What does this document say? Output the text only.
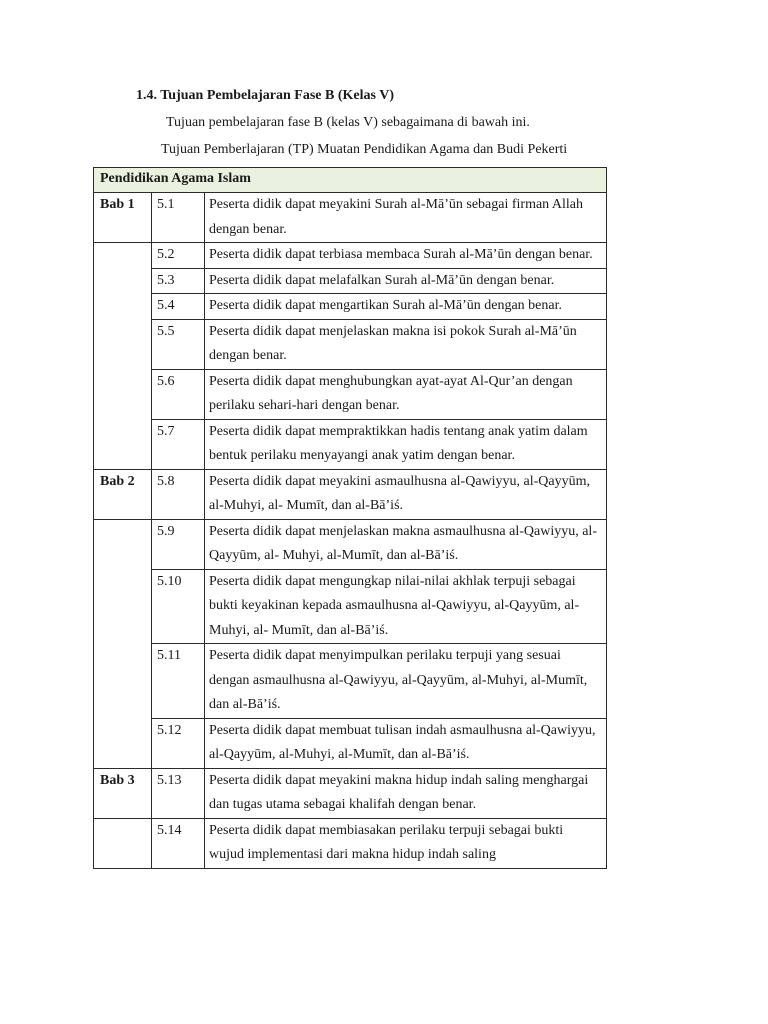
1.4. Tujuan Pembelajaran Fase B (Kelas V)
Tujuan pembelajaran fase B (kelas V) sebagaimana di bawah ini.
Tujuan Pemberlajaran (TP) Muatan Pendidikan Agama dan Budi Pekerti
Pendidikan Agama Islam		
Bab 1	5.1	Peserta didik dapat meyakini Surah al-Mā’ūn sebagai firman Allah dengan benar.
	5.2	Peserta didik dapat terbiasa membaca Surah al-Mā’ūn dengan benar.
	5.3	Peserta didik dapat melafalkan Surah al-Mā’ūn dengan benar.
	5.4	Peserta didik dapat mengartikan Surah al-Mā’ūn dengan benar.
	5.5	Peserta didik dapat menjelaskan makna isi pokok Surah al-Mā’ūn dengan benar.
	5.6	Peserta didik dapat menghubungkan ayat-ayat Al-Qur’an dengan perilaku sehari-hari dengan benar.
	5.7	Peserta didik dapat mempraktikkan hadis tentang anak yatim dalam bentuk perilaku menyayangi anak yatim dengan benar.
Bab 2	5.8	Peserta didik dapat meyakini asmaulhusna al-Qawiyyu, al-Qayyūm, al-Muhyi, al- Mumīt, dan al-Bā’iś.
	5.9	Peserta didik dapat menjelaskan makna asmaulhusna al-Qawiyyu, al-Qayyūm, al- Muhyi, al-Mumīt, dan al-Bā’iś.
	5.10	Peserta didik dapat mengungkap nilai-nilai akhlak terpuji sebagai bukti keyakinan kepada asmaulhusna al-Qawiyyu, al-Qayyūm, al-Muhyi, al- Mumīt, dan al-Bā’iś.
	5.11	Peserta didik dapat menyimpulkan perilaku terpuji yang sesuai dengan asmaulhusna al-Qawiyyu, al-Qayyūm, al-Muhyi, al-Mumīt, dan al-Bā’iś.
	5.12	Peserta didik dapat membuat tulisan indah asmaulhusna al-Qawiyyu, al-Qayyūm, al-Muhyi, al-Mumīt, dan al-Bā’iś.
Bab 3	5.13	Peserta didik dapat meyakini makna hidup indah saling menghargai dan tugas utama sebagai khalifah dengan benar.
	5.14	Peserta didik dapat membiasakan perilaku terpuji sebagai bukti wujud implementasi dari makna hidup indah saling
